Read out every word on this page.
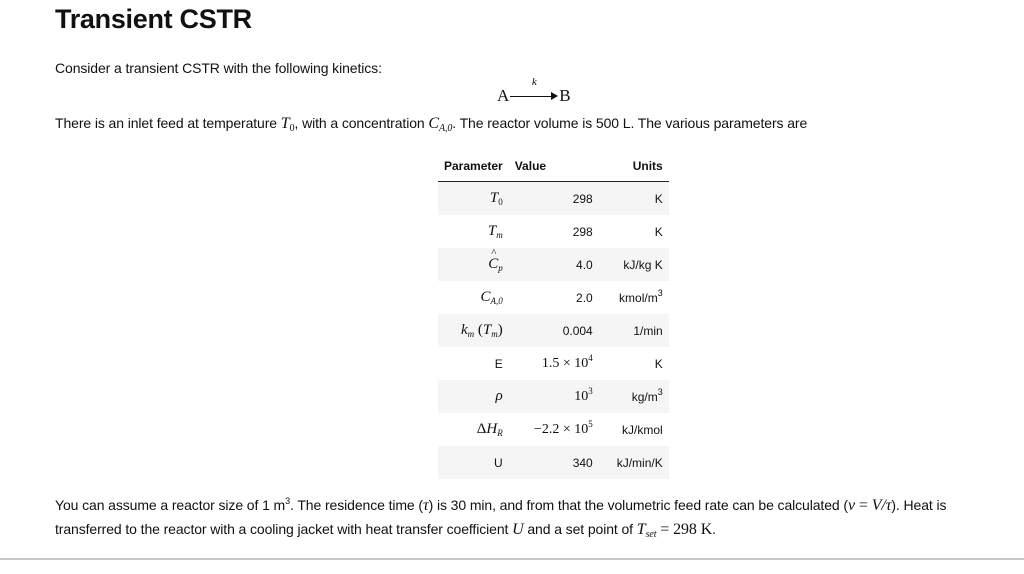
Transient CSTR
Consider a transient CSTR with the following kinetics:
A
k
B
There is an inlet feed at temperature $T_0$, with a concentration $C_{A,0}$. The reactor volume is 500 L. The various parameters are
Parameter	Value	Units
$T_0$	298	K
$T_m$	298	K
^ $C_p$	4.0	kJ/kg K
$C_{A,0}$	2.0	kmol/$m^3$
$k_m$ $(T_m)$	0.004	1/min
E	$1.5 \times 10^4$	K
ρ	$10^3$	$kg/m^3$
$\Delta H_R$	$-2.2 \times 10^5$	kJ/kmol
U	340	kJ/min/K
You can assume a reactor size of 1 $m^3$. The residence time (τ) is 30 min, and from that the volumetric feed rate can be calculated (ν = V/τ). Heat is
transferred to the reactor with a cooling jacket with heat transfer coefficient U and a set point of $T_{set} = 298$ K.
